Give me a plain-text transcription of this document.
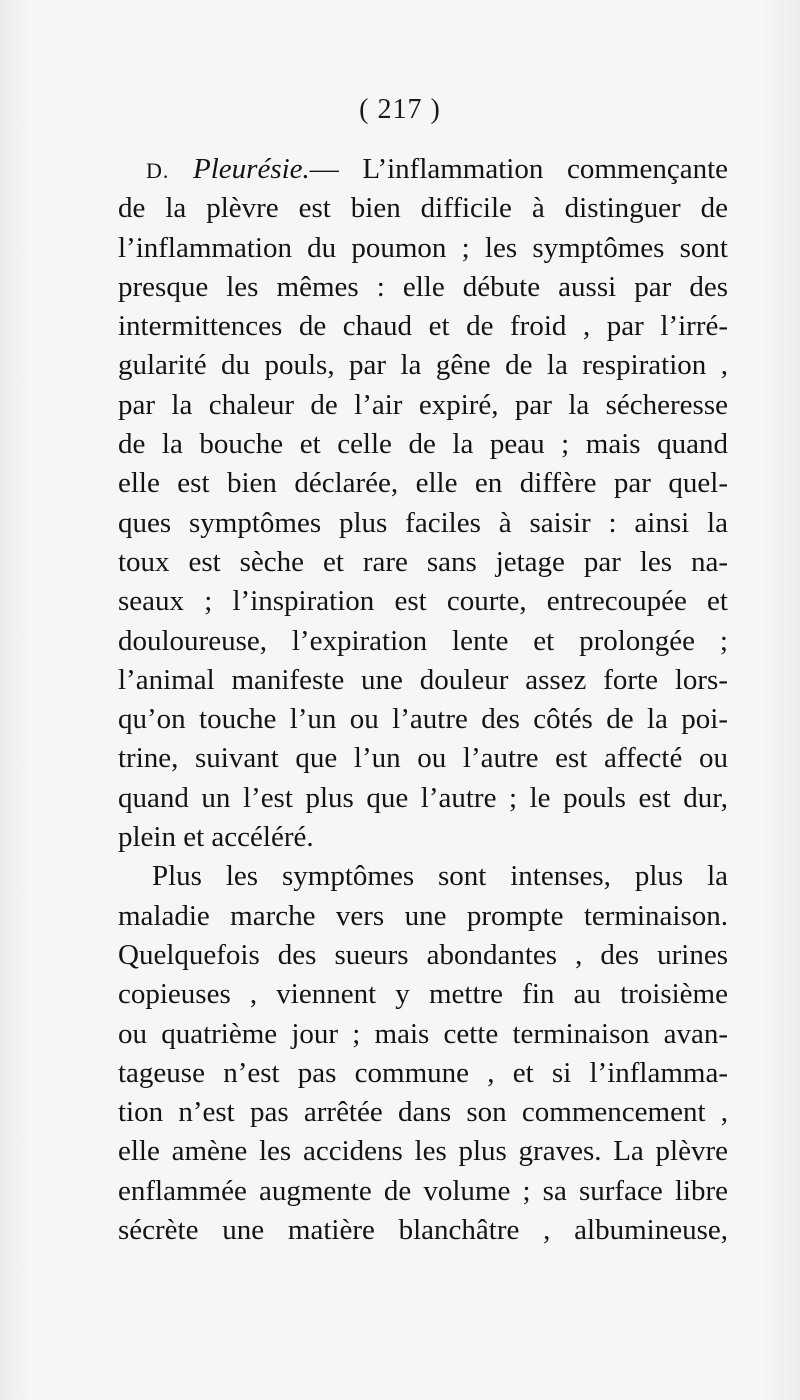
( 217 )
D. Pleurésie.— L’inflammation commençante
de la plèvre est bien difficile à distinguer de
l’inflammation du poumon ; les symptômes sont
presque les mêmes : elle débute aussi par des
intermittences de chaud et de froid , par l’irré-
gularité du pouls, par la gêne de la respiration ,
par la chaleur de l’air expiré, par la sécheresse
de la bouche et celle de la peau ; mais quand
elle est bien déclarée, elle en diffère par quel-
ques symptômes plus faciles à saisir : ainsi la
toux est sèche et rare sans jetage par les na-
seaux ; l’inspiration est courte, entrecoupée et
douloureuse, l’expiration lente et prolongée ;
l’animal manifeste une douleur assez forte lors-
qu’on touche l’un ou l’autre des côtés de la poi-
trine, suivant que l’un ou l’autre est affecté ou
quand un l’est plus que l’autre ; le pouls est dur,
plein et accéléré.
Plus les symptômes sont intenses, plus la
maladie marche vers une prompte terminaison.
Quelquefois des sueurs abondantes , des urines
copieuses , viennent y mettre fin au troisième
ou quatrième jour ; mais cette terminaison avan-
tageuse n’est pas commune , et si l’inflamma-
tion n’est pas arrêtée dans son commencement ,
elle amène les accidens les plus graves. La plèvre
enflammée augmente de volume ; sa surface libre
sécrète une matière blanchâtre , albumineuse,
